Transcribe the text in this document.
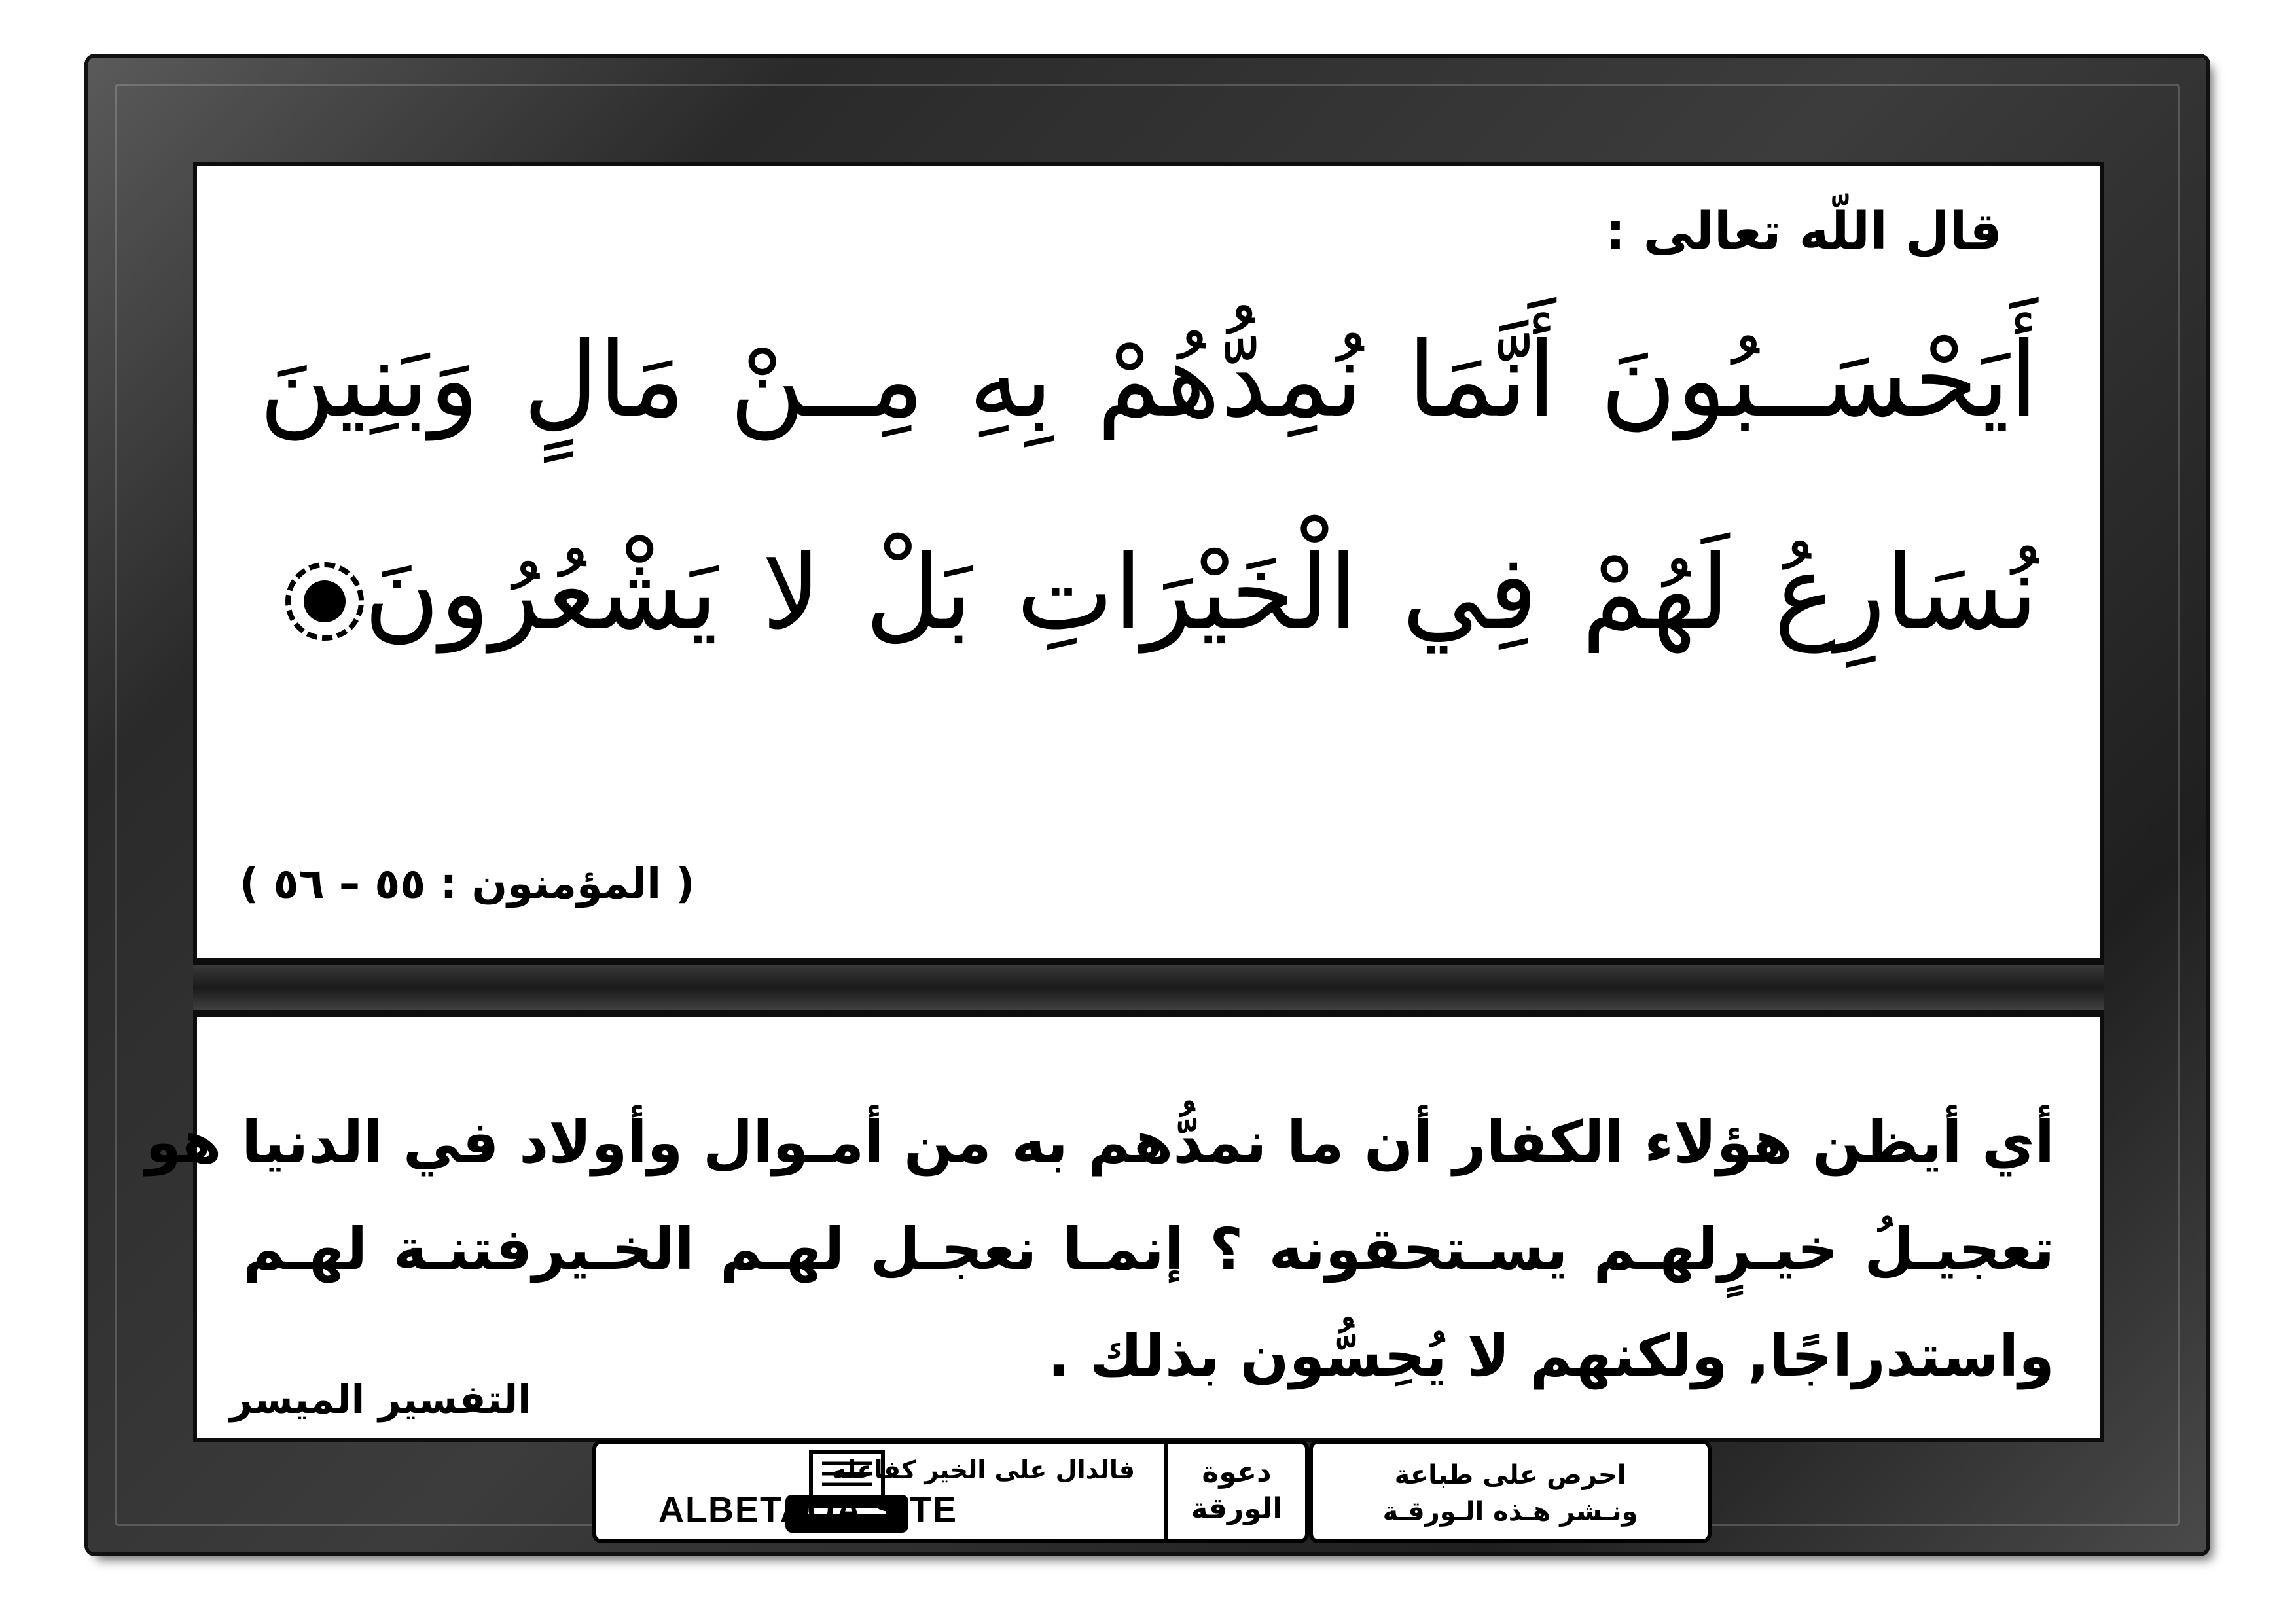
قال اللّه تعالى :
أَيَحْسَــبُونَ أَنَّمَا نُمِدُّهُمْ بِهِ مِــنْ مَالٍ وَبَنِينَ
نُسَارِعُ لَهُمْ فِي الْخَيْرَاتِ بَلْ لا يَشْعُرُونَ
( المؤمنون : ٥٥ – ٥٦ )
أي أيظن هؤلاء الكفار أن ما نمدُّهم به من أمـوال وأولاد في الدنيا هو
تعجيـلُ خيـرٍلهـم يسـتحقونه ؟ إنمـا نعجـل لهـم الخـيرفتنـة لهـم
واستدراجًا, ولكنهم لا يُحِسُّون بذلك .
التفسير الميسر
دعوة
الورقة
فالدال على الخير كفاعله
ALBETAQA.SITE
احرص على طباعة
ونـشر هـذه الـورقـة
